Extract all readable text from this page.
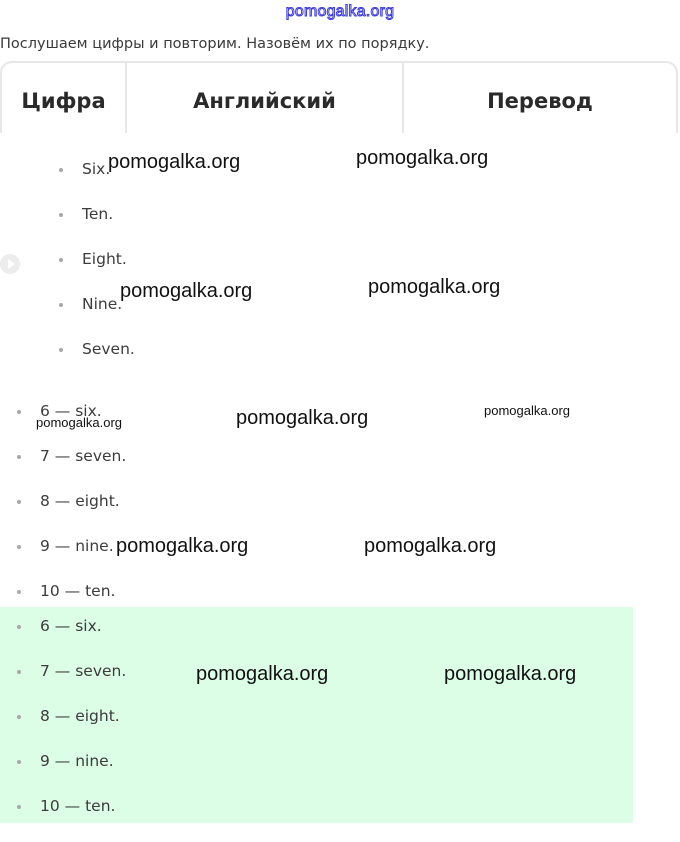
pomogalka.org
Послушаем цифры и повторим. Назовём их по порядку.
Цифра	Английский	Перевод
Six.
Ten.
Eight.
Nine.
Seven.
6 — six.
7 — seven.
8 — eight.
9 — nine.
10 — ten.
6 — six.
7 — seven.
8 — eight.
9 — nine.
10 — ten.
pomogalka.org	pomogalka.org
pomogalka.org	pomogalka.org
pomogalka.org	pomogalka.org	pomogalka.org
pomogalka.org	pomogalka.org
pomogalka.org	pomogalka.org
